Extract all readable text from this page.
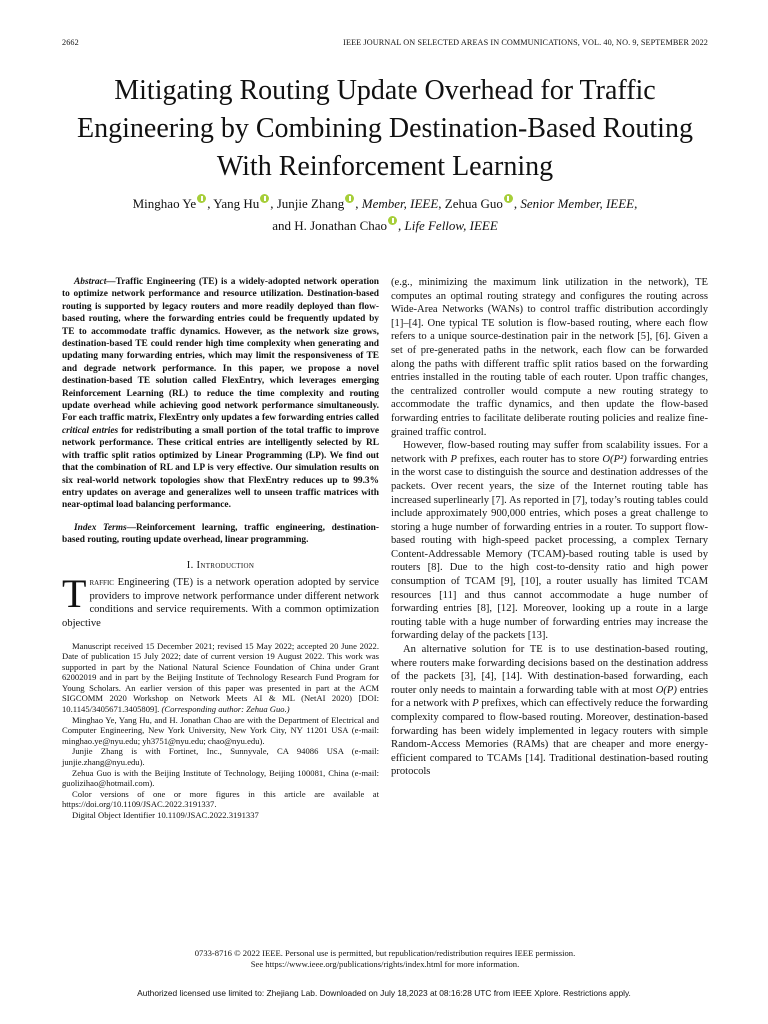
2662	IEEE JOURNAL ON SELECTED AREAS IN COMMUNICATIONS, VOL. 40, NO. 9, SEPTEMBER 2022
Mitigating Routing Update Overhead for Traffic Engineering by Combining Destination-Based Routing With Reinforcement Learning
Minghao Ye , Yang Hu , Junjie Zhang , Member, IEEE, Zehua Guo , Senior Member, IEEE,
and H. Jonathan Chao , Life Fellow, IEEE

Abstract—Traffic Engineering (TE) is a widely-adopted network operation to optimize network performance and resource utilization. Destination-based routing is supported by legacy routers and more readily deployed than flow-based routing, where the forwarding entries could be frequently updated by TE to accommodate traffic dynamics. However, as the network size grows, destination-based TE could render high time complexity when generating and updating many forwarding entries, which may limit the responsiveness of TE and degrade network performance. In this paper, we propose a novel destination-based TE solution called FlexEntry, which leverages emerging Reinforcement Learning (RL) to reduce the time complexity and routing update overhead while achieving good network performance simultaneously. For each traffic matrix, FlexEntry only updates a few forwarding entries called critical entries for redistributing a small portion of the total traffic to improve network performance. These critical entries are intelligently selected by RL with traffic split ratios optimized by Linear Programming (LP). We find out that the combination of RL and LP is very effective. Our simulation results on six real-world network topologies show that FlexEntry reduces up to 99.3% entry updates on average and generalizes well to unseen traffic matrices with near-optimal load balancing performance.

Index Terms—Reinforcement learning, traffic engineering, destination-based routing, routing update overhead, linear programming.

I. Introduction

Traffic Engineering (TE) is a network operation adopted by service providers to improve network performance under different network conditions and service requirements. With a common optimization objective

Manuscript received 15 December 2021; revised 15 May 2022; accepted 20 June 2022. Date of publication 15 July 2022; date of current version 19 August 2022. This work was supported in part by the National Natural Science Foundation of China under Grant 62002019 and in part by the Beijing Institute of Technology Research Fund Program for Young Scholars. An earlier version of this paper was presented in part at the ACM SIGCOMM 2020 Workshop on Network Meets AI & ML (NetAI 2020) [DOI: 10.1145/3405671.3405809]. (Corresponding author: Zehua Guo.)

Minghao Ye, Yang Hu, and H. Jonathan Chao are with the Department of Electrical and Computer Engineering, New York University, New York City, NY 11201 USA (e-mail: minghao.ye@nyu.edu; yh3751@nyu.edu; chao@nyu.edu).

Junjie Zhang is with Fortinet, Inc., Sunnyvale, CA 94086 USA (e-mail: junjie.zhang@nyu.edu).

Zehua Guo is with the Beijing Institute of Technology, Beijing 100081, China (e-mail: guolizihao@hotmail.com).

Color versions of one or more figures in this article are available at https://doi.org/10.1109/JSAC.2022.3191337.

Digital Object Identifier 10.1109/JSAC.2022.3191337

(e.g., minimizing the maximum link utilization in the network), TE computes an optimal routing strategy and configures the routing across Wide-Area Networks (WANs) to control traffic distribution accordingly [1]–[4]. One typical TE solution is flow-based routing, where each flow refers to a unique source-destination pair in the network [5], [6]. Given a set of pre-generated paths in the network, each flow can be forwarded along the paths with different traffic split ratios based on the forwarding entries installed in the routing table of each router. Upon traffic changes, the centralized controller would compute a new routing strategy to accommodate the traffic dynamics, and then update the flow-based forwarding entries to facilitate deliberate routing policies and realize fine-grained traffic control.

However, flow-based routing may suffer from scalability issues. For a network with P prefixes, each router has to store O(P²) forwarding entries in the worst case to distinguish the source and destination addresses of the packets. Over recent years, the size of the Internet routing table has increased superlinearly [7]. As reported in [7], today’s routing tables could include approximately 900,000 entries, which poses a great challenge to storing a huge number of forwarding entries in a router. To support flow-based routing with high-speed packet processing, a complex Ternary Content-Addressable Memory (TCAM)-based routing table is used by routers [8]. Due to the high cost-to-density ratio and high power consumption of TCAM [9], [10], a router usually has limited TCAM resources [11] and thus cannot accommodate a huge number of forwarding entries [8], [12]. Moreover, looking up a route in a large routing table with a huge number of forwarding entries may increase the forwarding delay of the packets [13].

An alternative solution for TE is to use destination-based routing, where routers make forwarding decisions based on the destination address of the packets [3], [4], [14]. With destination-based forwarding, each router only needs to maintain a forwarding table with at most O(P) entries for a network with P prefixes, which can effectively reduce the forwarding complexity compared to flow-based routing. Moreover, destination-based forwarding has been widely implemented in legacy routers with simple Random-Access Memories (RAMs) that are cheaper and more energy-efficient compared to TCAMs [14]. Traditional destination-based routing protocols

0733-8716 © 2022 IEEE. Personal use is permitted, but republication/redistribution requires IEEE permission.
See https://www.ieee.org/publications/rights/index.html for more information.
Authorized licensed use limited to: Zhejiang Lab. Downloaded on July 18,2023 at 08:16:28 UTC from IEEE Xplore. Restrictions apply.
